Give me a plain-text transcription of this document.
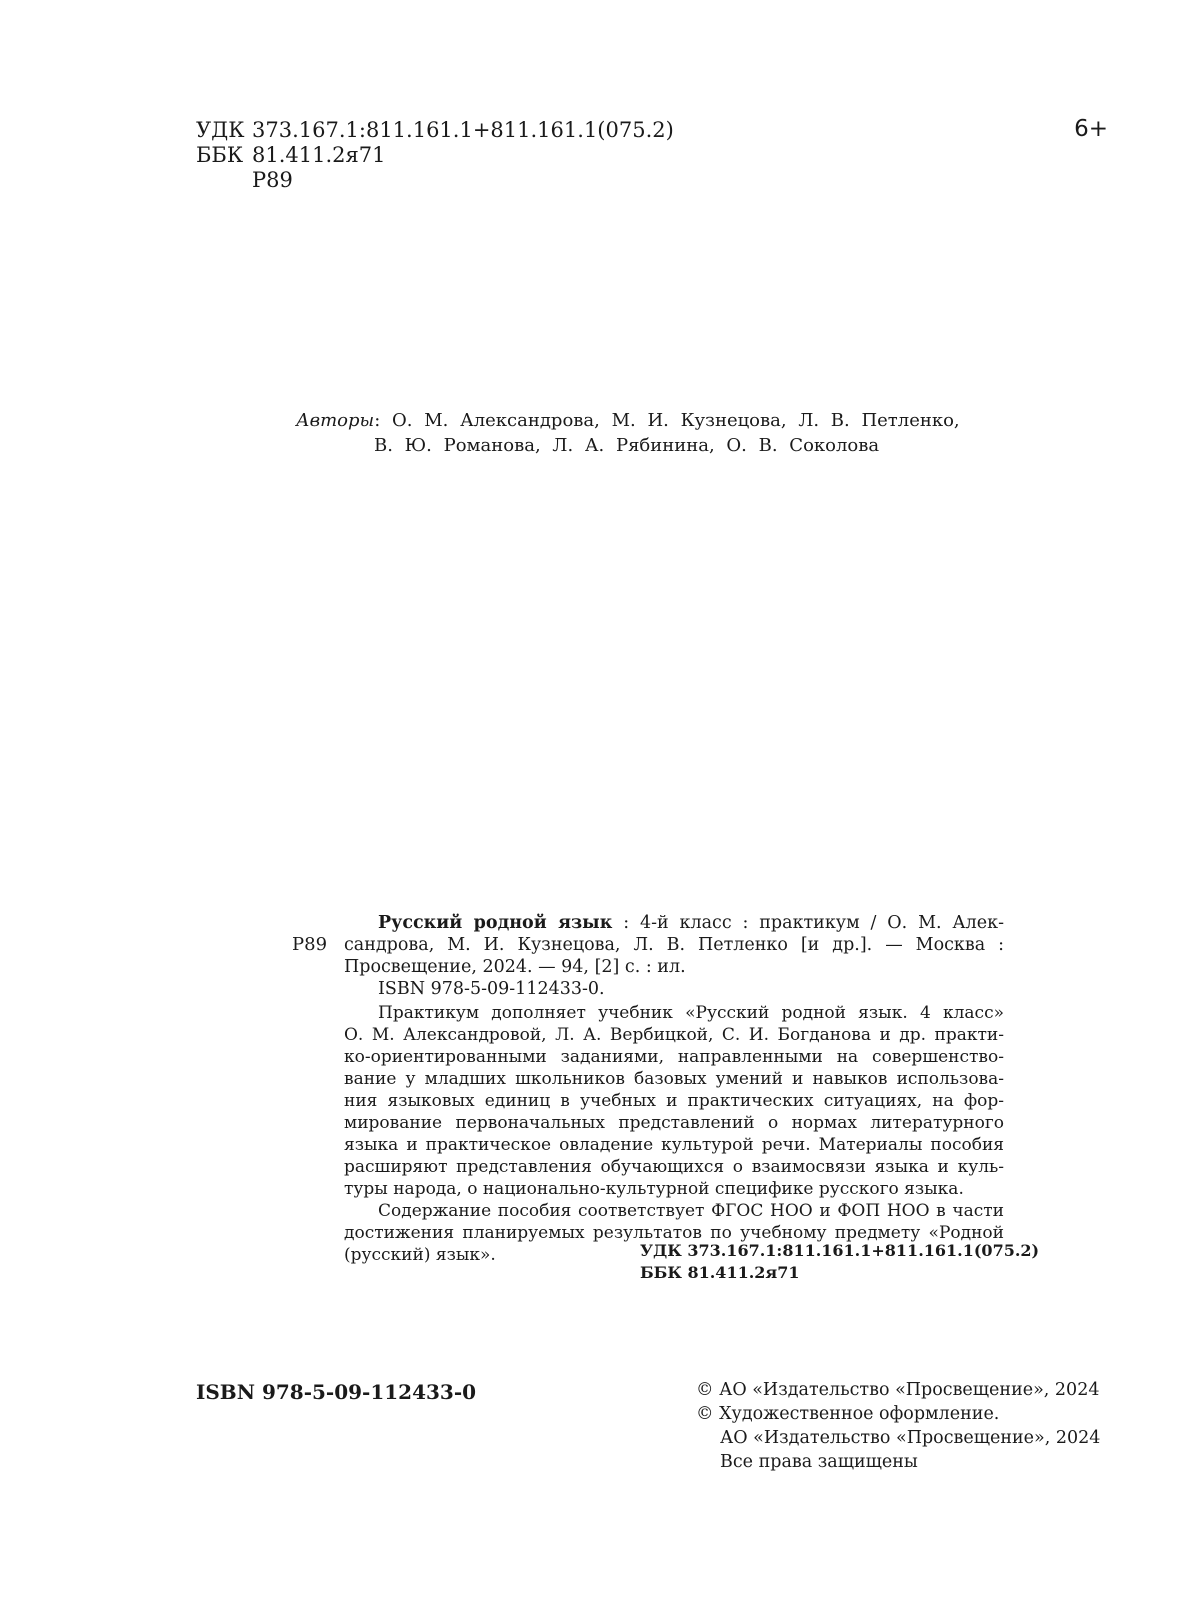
УДК 373.167.1:811.161.1+811.161.1(075.2)
ББК 81.411.2я71
Р89
6+
Авторы: О. М. Александрова, М. И. Кузнецова, Л. В. Петленко,
В. Ю. Романова, Л. А. Рябинина, О. В. Соколова
Р89
Русский родной язык : 4-й класс : практикум / О. М. Алек-
сандрова, М. И. Кузнецова, Л. В. Петленко [и др.]. — Москва :
Просвещение, 2024. — 94, [2] с. : ил.
ISBN 978-5-09-112433-0.
Практикум дополняет учебник «Русский родной язык. 4 класс»
О. М. Александровой, Л. А. Вербицкой, С. И. Богданова и др. практи-
ко-ориентированными заданиями, направленными на совершенство-
вание у младших школьников базовых умений и навыков использова-
ния языковых единиц в учебных и практических ситуациях, на фор-
мирование первоначальных представлений о нормах литературного
языка и практическое овладение культурой речи. Материалы пособия
расширяют представления обучающихся о взаимосвязи языка и куль-
туры народа, о национально-культурной специфике русского языка.
Содержание пособия соответствует ФГОС НОО и ФОП НОО в части
достижения планируемых результатов по учебному предмету «Родной
(русский) язык».	УДК 373.167.1:811.161.1+811.161.1(075.2)
ББК 81.411.2я71
ISBN 978-5-09-112433-0	© АО «Издательство «Просвещение», 2024
© Художественное оформление.
АО «Издательство «Просвещение», 2024
Все права защищены
